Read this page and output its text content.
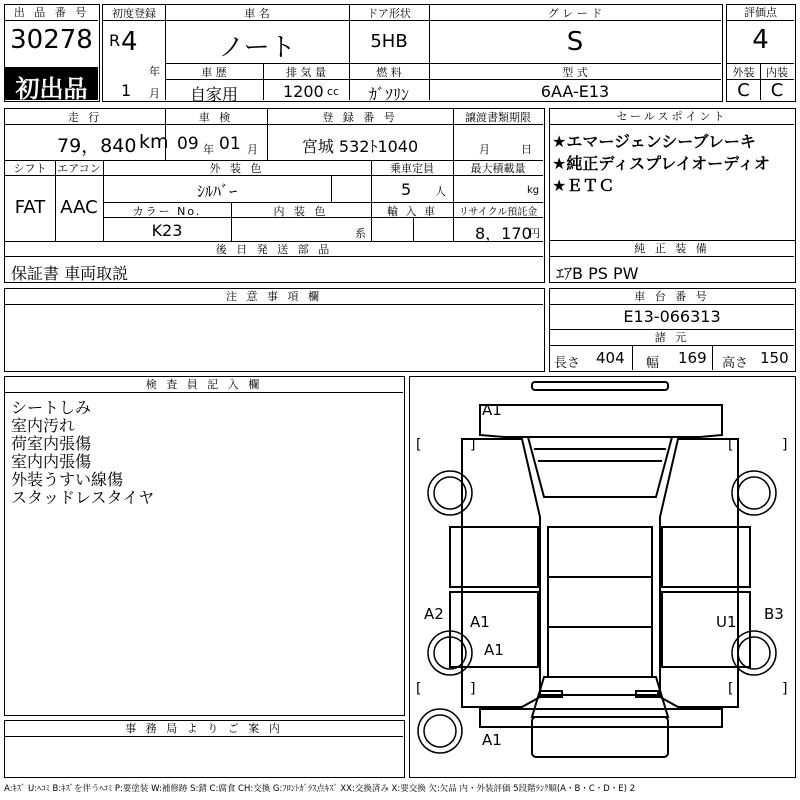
出 品 番 号
30278
初出品
初度登録
R 4
年
1 月
車 名
ノート
ドア形状
5HB
グ レ ー ド
S
車 歴
自家用
排 気 量
1200 cc
燃 料
ｶﾞｿﾘﾝ
型 式
6AA-E13
評価点
4
外装	内装
C	C
走 行
79，840 km
車 検
09 年 01 月
登 録 番 号
宮城 532ﾄ1040
譲渡書類期限
月	日
シフト
FAT
エアコン
AAC
外 装 色
ｼﾙﾊﾞｰ
乗車定員
5 人
最大積載量
kg
カラー No.
K23
内 装 色
系
輸 入 車	リサイクル預託金
8，170
円
後 日 発 送 部 品
保証書 車両取説
セールスポイント
★エマージェンシーブレーキ
★純正ディスプレイオーディオ
★ＥＴＣ
純 正 装 備
ｴｱB PS PW
注 意 事 項 欄	車 台 番 号
E13-066313
諸 元
長さ 404 幅 169 高さ 150
検 査 員 記 入 欄
シートしみ
室内汚れ
荷室内張傷
室内内張傷
外装うすい線傷
スタッドレスタイヤ
事 務 局 よ り ご 案 内
[	]	[	]
[	]	[	]
A1
A2 A1
A1
U1 B3
A1
A:ｷｽﾞ U:ﾍｺﾐ B:ｷｽﾞを伴うﾍｺﾐ P:要塗装 W:補修跡 S:錆 C:腐食 CH:交換 G:ﾌﾛﾝﾄｶﾞﾗｽ点ｷｽﾞ XX:交換済み X:要交換 欠:欠品 内・外装評価 5段階ﾗﾝｸ順(A・B・C・D・E) 2
